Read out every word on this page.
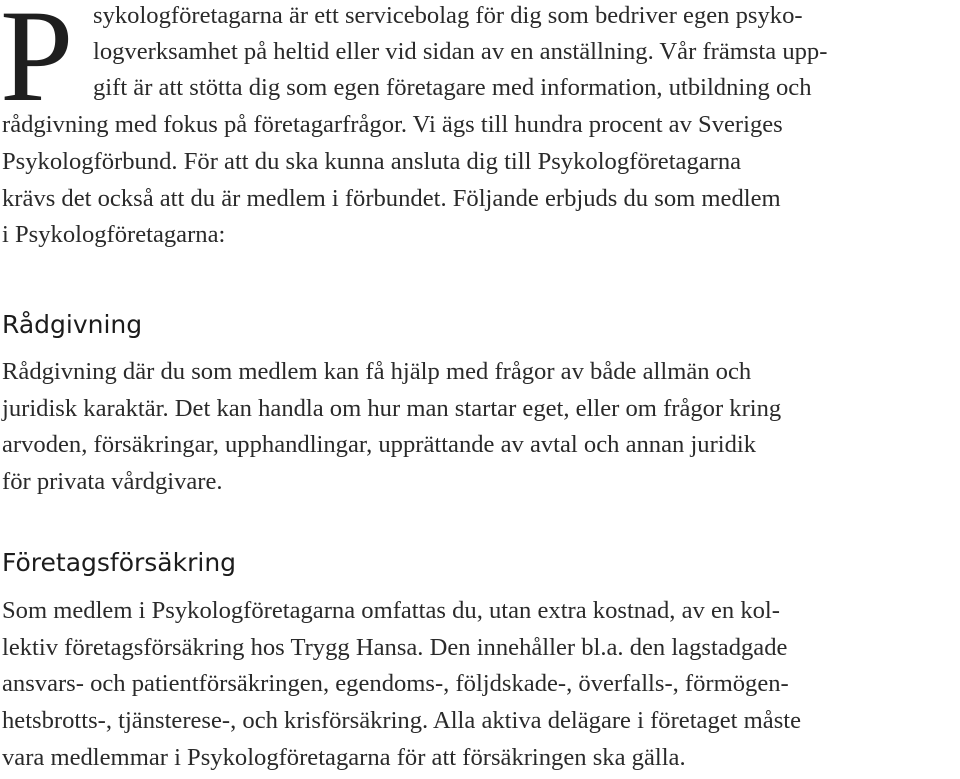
P sykologföretagarna är ett servicebolag för dig som bedriver egen psyko-
logverksamhet på heltid eller vid sidan av en anställning. Vår främsta upp-
gift är att stötta dig som egen företagare med information, utbildning och
rådgivning med fokus på företagarfrågor. Vi ägs till hundra procent av Sveriges
Psykologförbund. För att du ska kunna ansluta dig till Psykologföretagarna
krävs det också att du är medlem i förbundet. Följande erbjuds du som medlem
i Psykologföretagarna:
Rådgivning
Rådgivning där du som medlem kan få hjälp med frågor av både allmän och
juridisk karaktär. Det kan handla om hur man startar eget, eller om frågor kring
arvoden, försäkringar, upphandlingar, upprättande av avtal och annan juridik
för privata vårdgivare.
Företagsförsäkring
Som medlem i Psykologföretagarna omfattas du, utan extra kostnad, av en kol-
lektiv företagsförsäkring hos Trygg Hansa. Den innehåller bl.a. den lagstadgade
ansvars- och patientförsäkringen, egendoms-, följdskade-, överfalls-, förmögen-
hetsbrotts-, tjänsterese-, och krisförsäkring. Alla aktiva delägare i företaget måste
vara medlemmar i Psykologföretagarna för att försäkringen ska gälla.
